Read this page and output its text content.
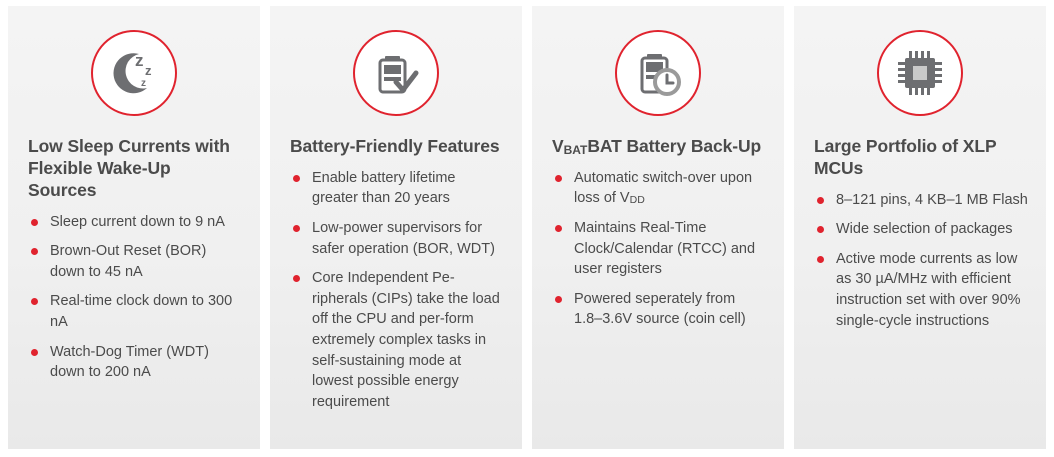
z
z
z
Low Sleep Currents with Flexible Wake-Up Sources
Sleep current down to 9 nA
Brown-Out Reset (BOR) down to 45 nA
Real-time clock down to 300 nA
Watch-Dog Timer (WDT) down to 200 nA
Battery-Friendly Features
Enable battery lifetime greater than 20 years
Low-power supervisors for safer operation (BOR, WDT)
Core Independent Pe-ripherals (CIPs) take the load off the CPU and per-form extremely complex tasks in self-sustaining mode at lowest possible energy requirement
VBATBAT Battery Back-Up
Automatic switch-over upon loss of VDD
Maintains Real-Time Clock/Calendar (RTCC) and user registers
Powered seperately from 1.8–3.6V source (coin cell)
Large Portfolio of XLP MCUs
8–121 pins, 4 KB–1 MB Flash
Wide selection of packages
Active mode currents as low as 30 µA/MHz with efficient instruction set with over 90% single-cycle instructions
